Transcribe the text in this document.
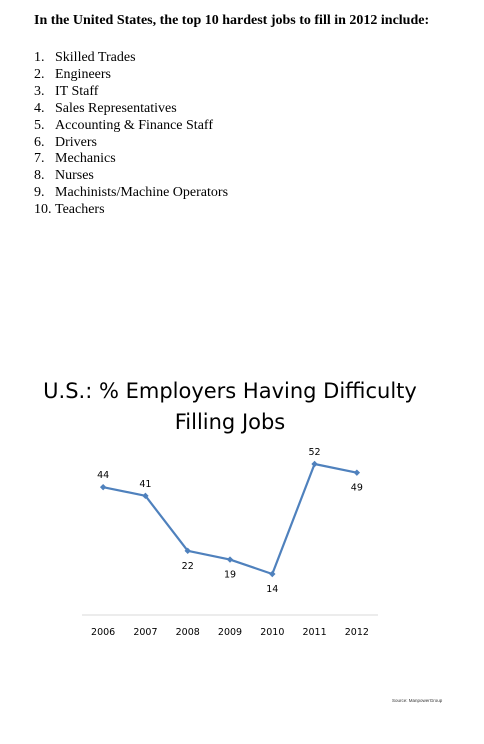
In the United States, the top 10 hardest jobs to fill in 2012 include:
1. Skilled Trades
2. Engineers
3. IT Staff
4. Sales Representatives
5. Accounting & Finance Staff
6. Drivers
7. Mechanics
8. Nurses
9. Machinists/Machine Operators
10. Teachers
U.S.: % Employers Having Difficulty
Filling Jobs
2006 2007 2008 2009 2010 2011 2012
44
41
22
19
14
52
49
Source: ManpowerGroup
